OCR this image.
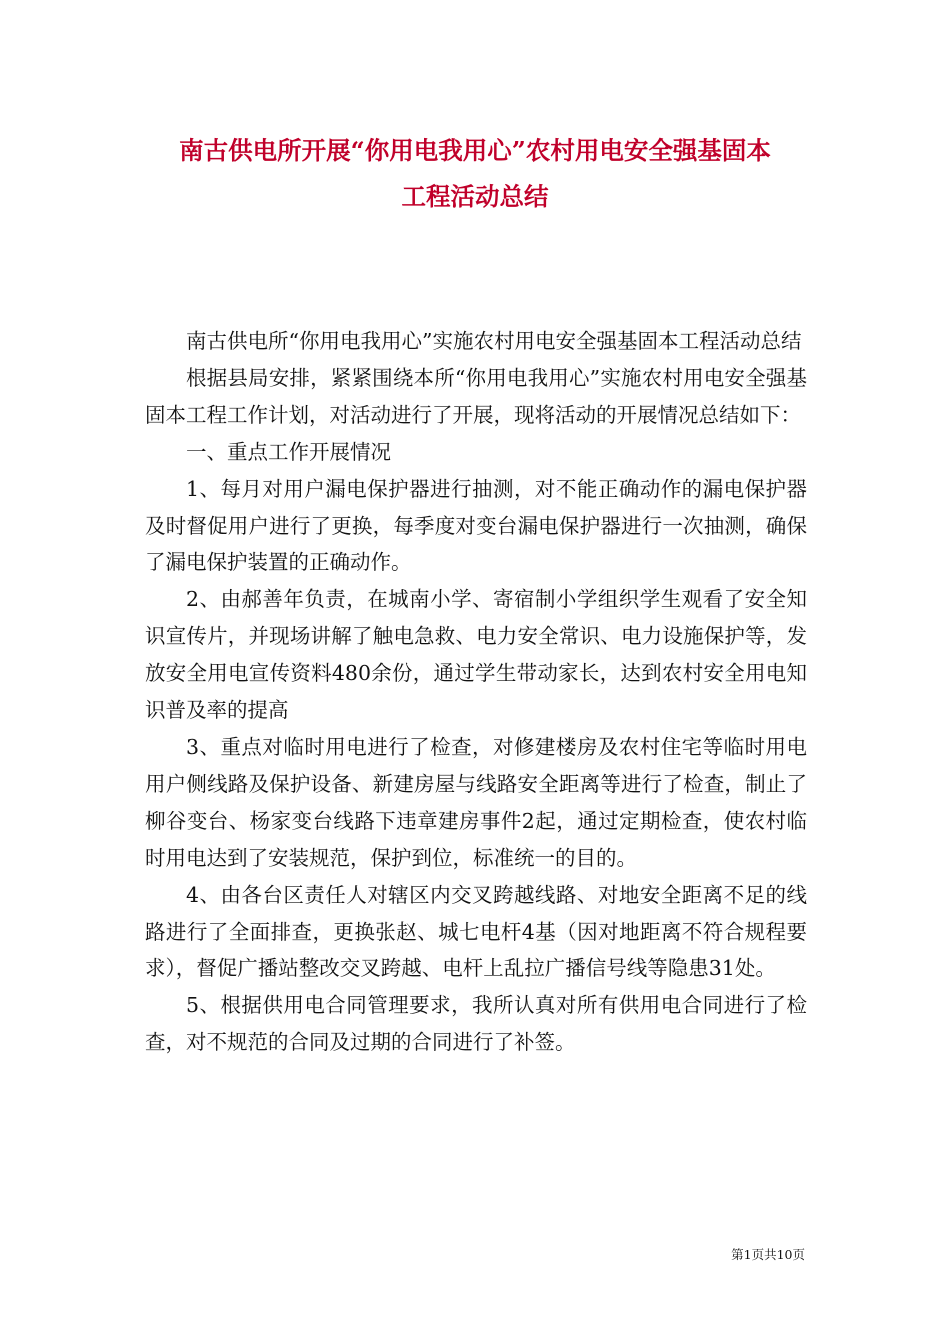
南古供电所开展“你用电我用心”农村用电安全强基固本
工程活动总结

南古供电所“你用电我用心”实施农村用电安全强基固本工程活动总结

根据县局安排，紧紧围绕本所“你用电我用心”实施农村用电安全强基固本工程工作计划，对活动进行了开展，现将活动的开展情况总结如下：

一、重点工作开展情况

1、每月对用户漏电保护器进行抽测，对不能正确动作的漏电保护器及时督促用户进行了更换，每季度对变台漏电保护器进行一次抽测，确保了漏电保护装置的正确动作。

2、由郝善年负责，在城南小学、寄宿制小学组织学生观看了安全知识宣传片，并现场讲解了触电急救、电力安全常识、电力设施保护等，发放安全用电宣传资料480余份，通过学生带动家长，达到农村安全用电知识普及率的提高

3、重点对临时用电进行了检查，对修建楼房及农村住宅等临时用电用户侧线路及保护设备、新建房屋与线路安全距离等进行了检查，制止了柳谷变台、杨家变台线路下违章建房事件2起，通过定期检查，使农村临时用电达到了安装规范，保护到位，标准统一的目的。

4、由各台区责任人对辖区内交叉跨越线路、对地安全距离不足的线路进行了全面排查，更换张赵、城七电杆4基（因对地距离不符合规程要求），督促广播站整改交叉跨越、电杆上乱拉广播信号线等隐患31处。

5、根据供用电合同管理要求，我所认真对所有供用电合同进行了检查，对不规范的合同及过期的合同进行了补签。

第1页共10页
